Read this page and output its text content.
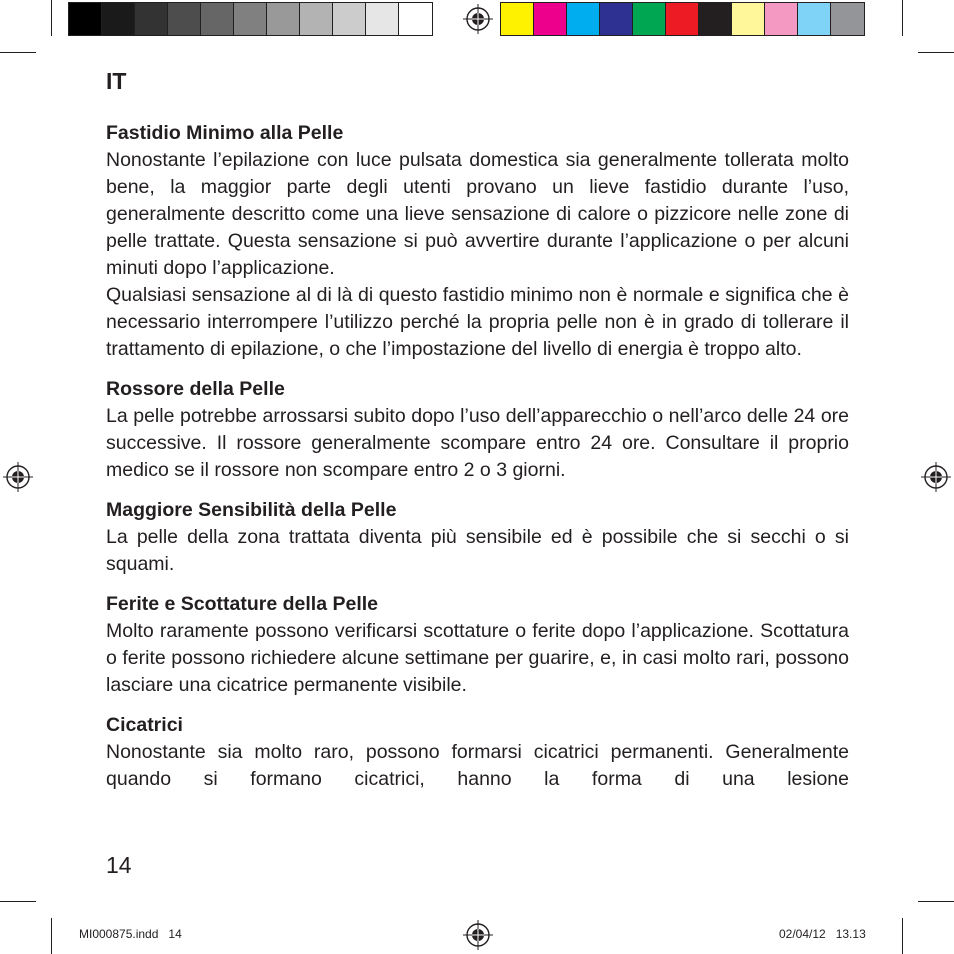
IT
Fastidio Minimo alla Pelle

Nonostante l’epilazione con luce pulsata domestica sia generalmente tollerata molto bene, la maggior parte degli utenti provano un lieve fastidio durante l’uso, generalmente descritto come una lieve sensazione di calore o pizzicore nelle zone di pelle trattate. Questa sensazione si può avvertire durante l’applicazione o per alcuni minuti dopo l’applicazione.

Qualsiasi sensazione al di là di questo fastidio minimo non è normale e significa che è necessario interrompere l’utilizzo perché la propria pelle non è in grado di tollerare il trattamento di epilazione, o che l’impostazione del livello di energia è troppo alto.

Rossore della Pelle

La pelle potrebbe arrossarsi subito dopo l’uso dell’apparecchio o nell’arco delle 24 ore successive. Il rossore generalmente scompare entro 24 ore. Consultare il proprio medico se il rossore non scompare entro 2 o 3 giorni.

Maggiore Sensibilità della Pelle

La pelle della zona trattata diventa più sensibile ed è possibile che si secchi o si squami.

Ferite e Scottature della Pelle

Molto raramente possono verificarsi scottature o ferite dopo l’applicazione. Scottatura o ferite possono richiedere alcune settimane per guarire, e, in casi molto rari, possono lasciare una cicatrice permanente visibile.

Cicatrici

Nonostante sia molto raro, possono formarsi cicatrici permanenti. Generalmente quando si formano cicatrici, hanno la forma di una lesione

14

MI000875.indd   14	02/04/12   13.13
